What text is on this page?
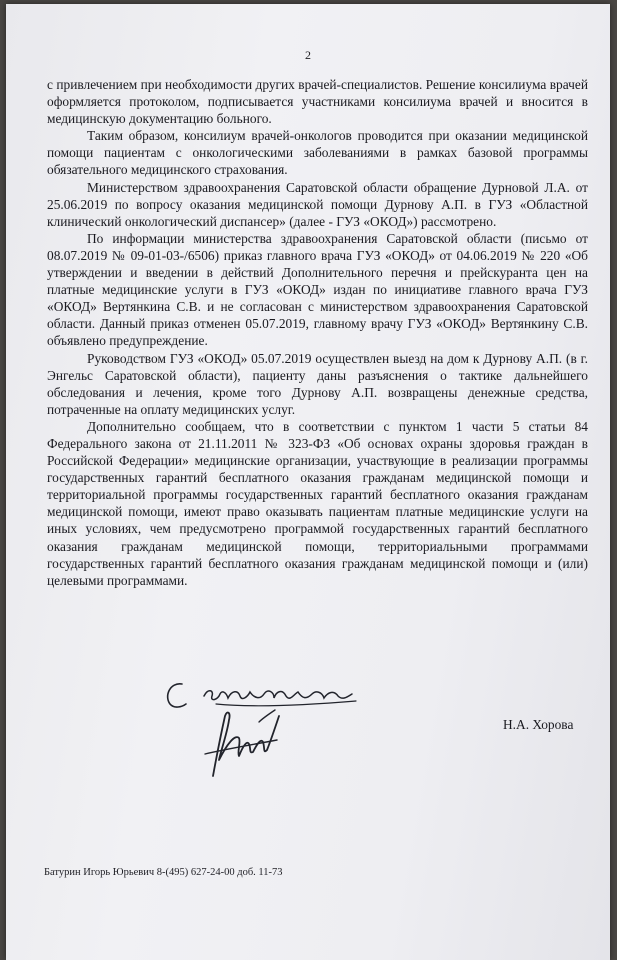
2

с привлечением при необходимости других врачей-специалистов. Решение консилиума врачей оформляется протоколом, подписывается участниками консилиума врачей и вносится в медицинскую документацию больного.

Таким образом, консилиум врачей-онкологов проводится при оказании медицинской помощи пациентам с онкологическими заболеваниями в рамках базовой программы обязательного медицинского страхования.

Министерством здравоохранения Саратовской области обращение Дурновой Л.А. от 25.06.2019 по вопросу оказания медицинской помощи Дурнову А.П. в ГУЗ «Областной клинический онкологический диспансер» (далее - ГУЗ «ОКОД») рассмотрено.

По информации министерства здравоохранения Саратовской области (письмо от 08.07.2019 № 09-01-03-/6506) приказ главного врача ГУЗ «ОКОД» от 04.06.2019 № 220 «Об утверждении и введении в действий Дополнительного перечня и прейскуранта цен на платные медицинские услуги в ГУЗ «ОКОД» издан по инициативе главного врача ГУЗ «ОКОД» Вертянкина С.В. и не согласован с министерством здравоохранения Саратовской области. Данный приказ отменен 05.07.2019, главному врачу ГУЗ «ОКОД» Вертянкину С.В. объявлено предупреждение.

Руководством ГУЗ «ОКОД» 05.07.2019 осуществлен выезд на дом к Дурнову А.П. (в г. Энгельс Саратовской области), пациенту даны разъяснения о тактике дальнейшего обследования и лечения, кроме того Дурнову А.П. возвращены денежные средства, потраченные на оплату медицинских услуг.

Дополнительно сообщаем, что в соответствии с пунктом 1 части 5 статьи 84 Федерального закона от 21.11.2011 № 323-ФЗ «Об основах охраны здоровья граждан в Российской Федерации» медицинские организации, участвующие в реализации программы государственных гарантий бесплатного оказания гражданам медицинской помощи и территориальной программы государственных гарантий бесплатного оказания гражданам медицинской помощи, имеют право оказывать пациентам платные медицинские услуги на иных условиях, чем предусмотрено программой государственных гарантий бесплатного оказания гражданам медицинской помощи, территориальными программами государственных гарантий бесплатного оказания гражданам медицинской помощи и (или) целевыми программами.

Н.А. Хорова
Батурин Игорь Юрьевич 8-(495) 627-24-00 доб. 11-73
